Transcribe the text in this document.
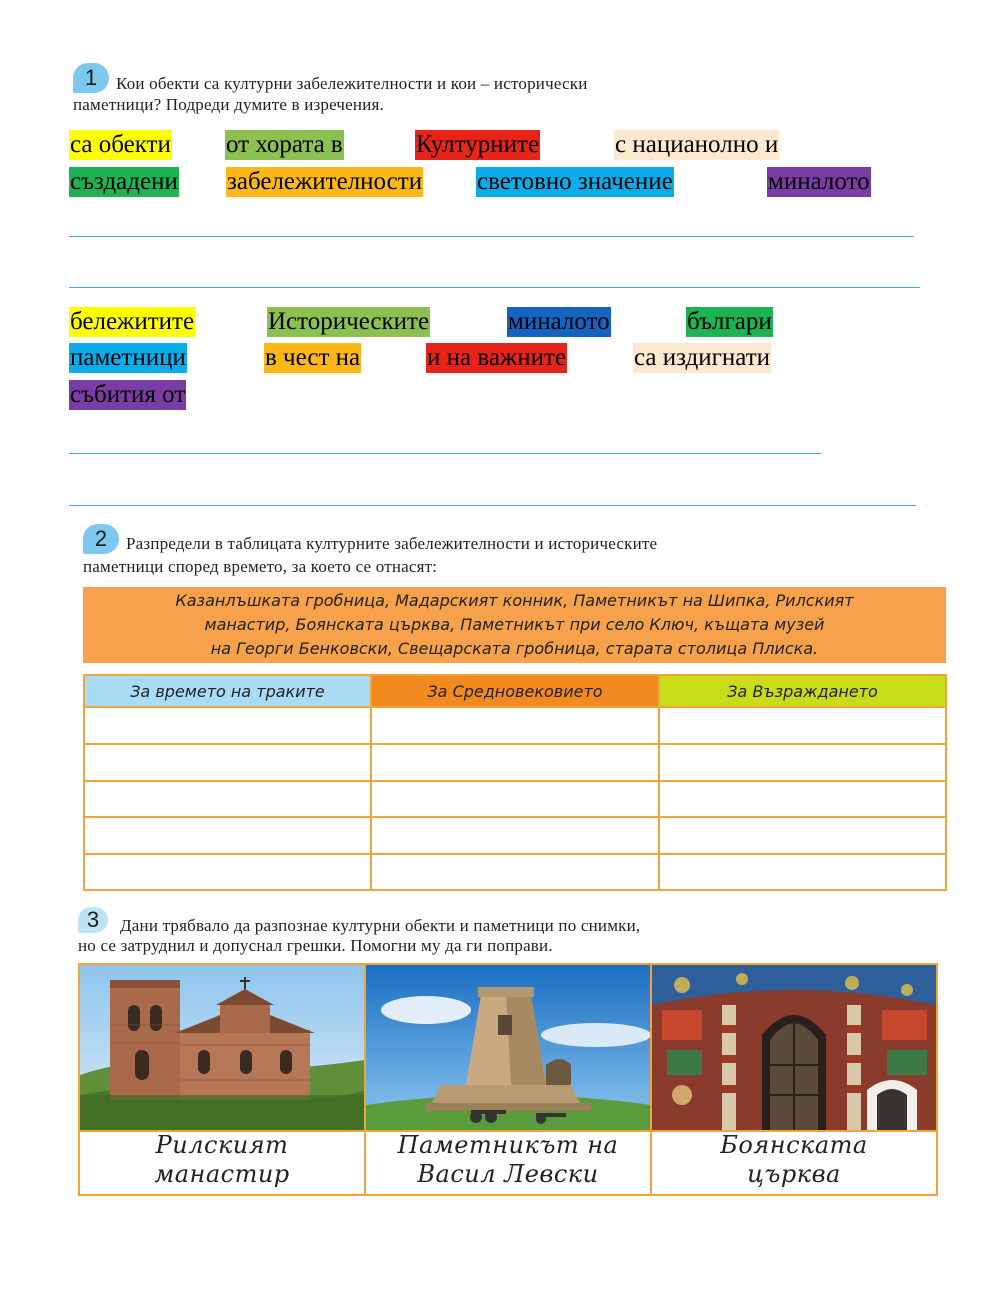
1	Кои обекти са културни забележителности и кои – исторически
паметници? Подреди думите в изречения.
са обекти от хората в	Културните	с нацианолно и
създадени забележителности световно значение	миналото
бележитите	Историческите	миналото	българи
паметници	в чест на	и на важните	са издигнати
събития от
2	Разпредели в таблицата културните забележителности и историческите
паметници според времето, за което се отнасят:
Казанлъшката гробница, Мадарският конник, Паметникът на Шипка, Рилският
манастир, Боянската църква, Паметникът при село Ключ, къщата музей
на Георги Бенковски, Свещарската гробница, старата столица Плиска.
За времето на траките	За Средновековието	За Възраждането
3	Дани трябвало да разпознае културни обекти и паметници по снимки,
но се затруднил и допуснал грешки. Помогни му да ги поправи.
Рилският
манастир
Паметникът на
Васил Левски
Боянската
църква
